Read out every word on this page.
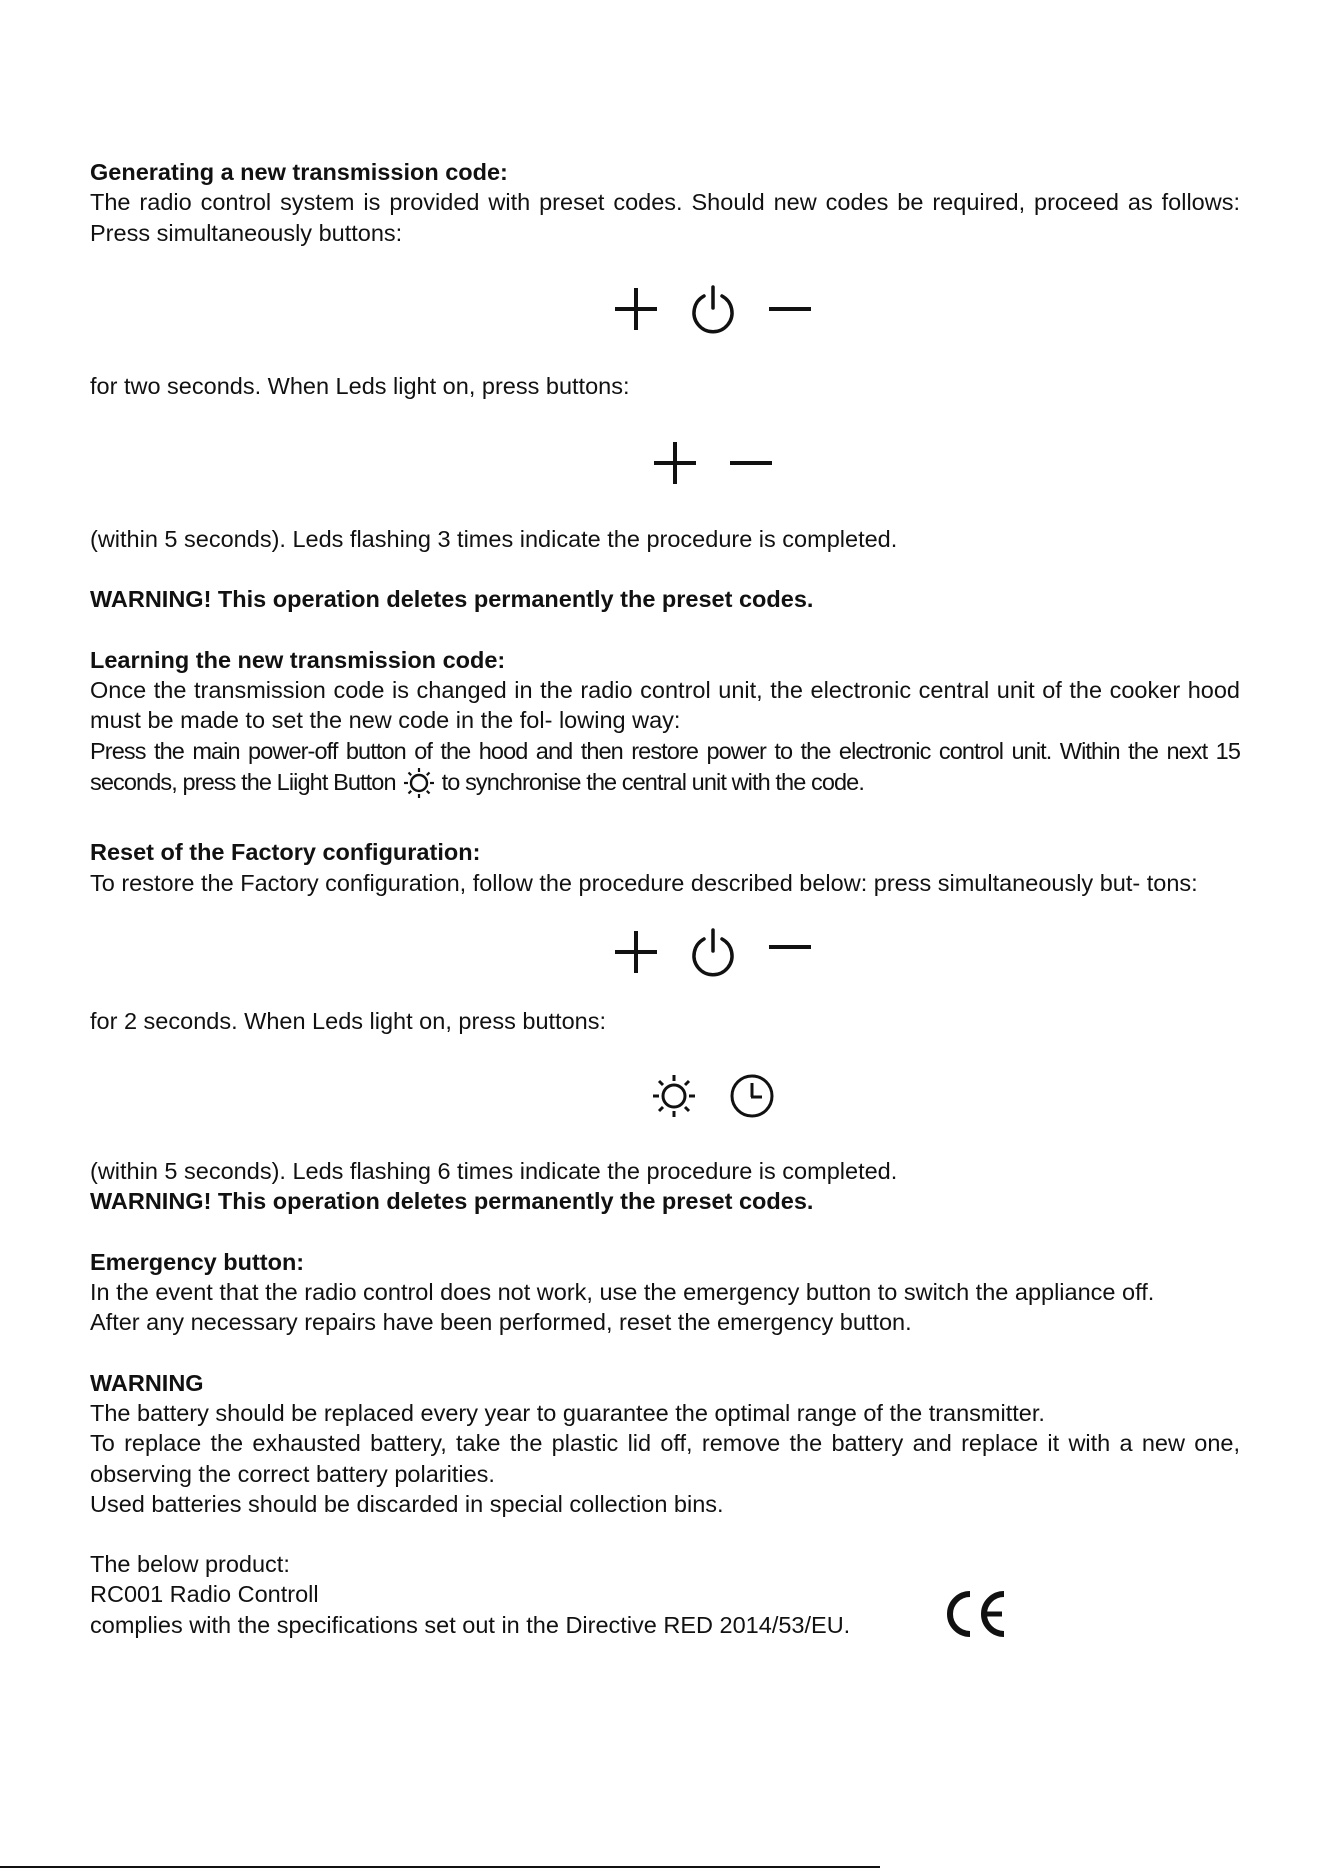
Generating a new transmission code:

The radio control system is provided with preset codes. Should new codes be required, proceed as follows: Press simultaneously buttons:

for two seconds. When Leds light on, press buttons:

(within 5 seconds). Leds flashing 3 times indicate the procedure is completed.

WARNING! This operation deletes permanently the preset codes.

Learning the new transmission code:

Once the transmission code is changed in the radio control unit, the electronic central unit of the cooker hood must be made to set the new code in the fol- lowing way:

Press the main power-off button of the hood and then restore power to the electronic control unit. Within the next 15 seconds, press the Liight Button to synchronise the central unit with the code.

Reset of the Factory configuration:

To restore the Factory configuration, follow the procedure described below: press simultaneously but- tons:

for 2 seconds. When Leds light on, press buttons:

(within 5 seconds). Leds flashing 6 times indicate the procedure is completed.

WARNING! This operation deletes permanently the preset codes.

Emergency button:

In the event that the radio control does not work, use the emergency button to switch the appliance off.

After any necessary repairs have been performed, reset the emergency button.

WARNING

The battery should be replaced every year to guarantee the optimal range of the transmitter.

To replace the exhausted battery, take the plastic lid off, remove the battery and replace it with a new one, observing the correct battery polarities.

Used batteries should be discarded in special collection bins.

The below product:

RC001 Radio Controll

complies with the specifications set out in the Directive RED 2014/53/EU.
